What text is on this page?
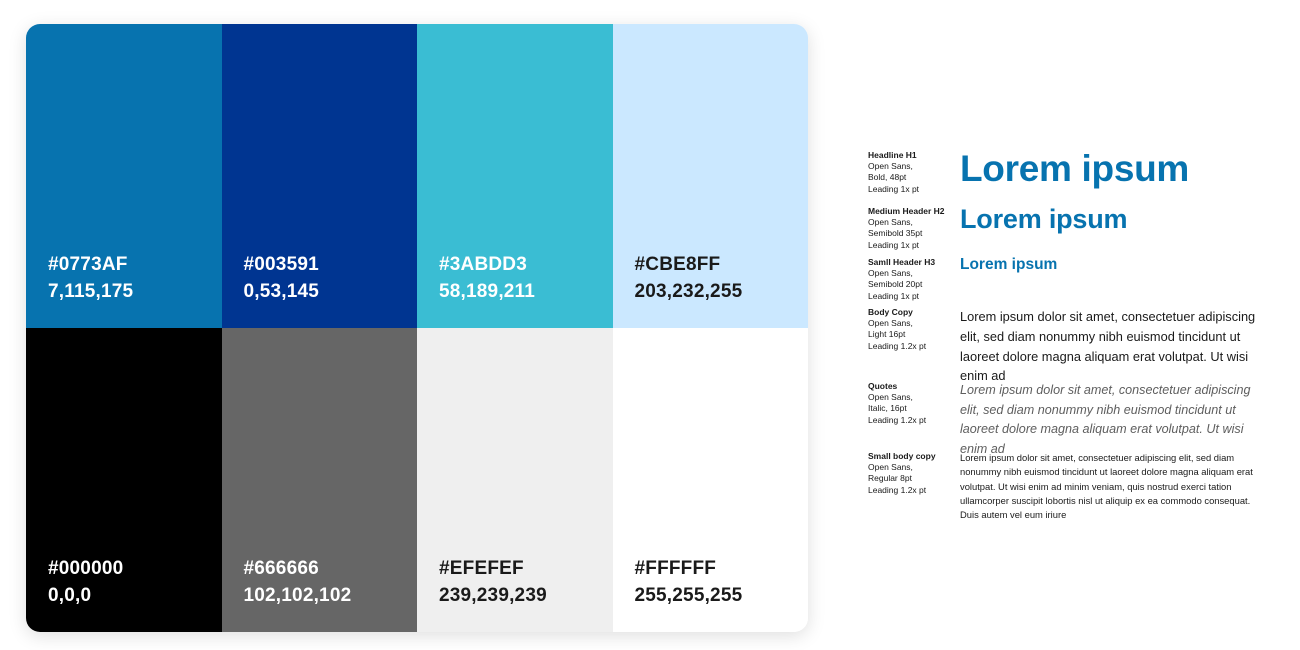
#0773AF
7,115,175
#003591
0,53,145
#3ABDD3
58,189,211
#CBE8FF
203,232,255
#000000
0,0,0
#666666
102,102,102
#EFEFEF
239,239,239
#FFFFFF
255,255,255
Headline H1
Open Sans,
Bold, 48pt
Leading 1x pt	Lorem ipsum
Medium Header H2
Open Sans,
Semibold 35pt
Leading 1x pt
Lorem ipsum
Samll Header H3
Open Sans,
Semibold 20pt
Leading 1x pt
Lorem ipsum
Body Copy
Open Sans,
Light 16pt
Leading 1.2x pt
Lorem ipsum dolor sit amet, consectetuer adipiscing elit, sed diam nonummy nibh euismod tincidunt ut laoreet dolore magna aliquam erat volutpat. Ut wisi enim ad
Quotes
Open Sans,
Italic, 16pt
Leading 1.2x pt
Lorem ipsum dolor sit amet, consectetuer adipiscing elit, sed diam nonummy nibh euismod tincidunt ut laoreet dolore magna aliquam erat volutpat. Ut wisi enim ad
Small body copy
Open Sans,
Regular 8pt
Leading 1.2x pt
Lorem ipsum dolor sit amet, consectetuer adipiscing elit, sed diam nonummy nibh euismod tincidunt ut laoreet dolore magna aliquam erat volutpat. Ut wisi enim ad minim veniam, quis nostrud exerci tation ullamcorper suscipit lobortis nisl ut aliquip ex ea commodo consequat. Duis autem vel eum iriure
